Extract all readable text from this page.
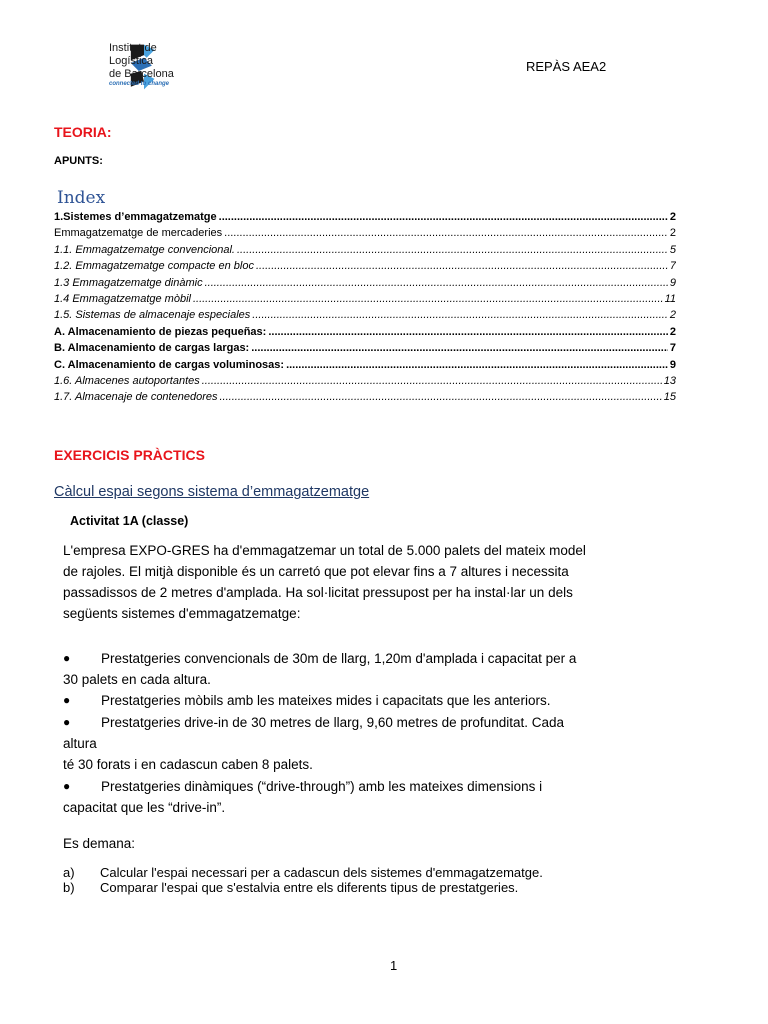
Institut de
Logística
de Barcelona
connected to change
REPÀS AEA2
TEORIA:
APUNTS:
Index
1.Sistemes d’emmagatzematge .....	2
Emmagatzematge de mercaderies .....	2
1.1. Emmagatzematge convencional. .....	5
1.2. Emmagatzematge compacte en bloc .....	7
1.3 Emmagatzematge dinàmic .....	9
1.4 Emmagatzematge mòbil .....	11
1.5. Sistemas de almacenaje especiales .....	2
A. Almacenamiento de piezas pequeñas: .....	2
B. Almacenamiento de cargas largas: .....	7
C. Almacenamiento de cargas voluminosas: .....	9
1.6. Almacenes autoportantes .....	13
1.7. Almacenaje de contenedores .....	15
EXERCICIS PRÀCTICS
Càlcul espai segons sistema d’emmagatzematge
Activitat 1A (classe)
L'empresa EXPO-GRES ha d'emmagatzemar un total de 5.000 palets del mateix model
de rajoles. El mitjà disponible és un carretó que pot elevar fins a 7 altures i necessita
passadissos de 2 metres d'amplada. Ha sol·licitat pressupost per ha instal·lar un dels
següents sistemes d'emmagatzematge:
●	Prestatgeries convencionals de 30m de llarg, 1,20m d'amplada i capacitat per a
30 palets en cada altura.
●	Prestatgeries mòbils amb les mateixes mides i capacitats que les anteriors.
●	Prestatgeries drive-in de 30 metres de llarg, 9,60 metres de profunditat. Cada
altura
té 30 forats i en cadascun caben 8 palets.
●	Prestatgeries dinàmiques (“drive-through”) amb les mateixes dimensions i
capacitat que les “drive-in”.
Es demana:
a)	Calcular l'espai necessari per a cadascun dels sistemes d'emmagatzematge.
b)	Comparar l'espai que s'estalvia entre els diferents tipus de prestatgeries.
1
